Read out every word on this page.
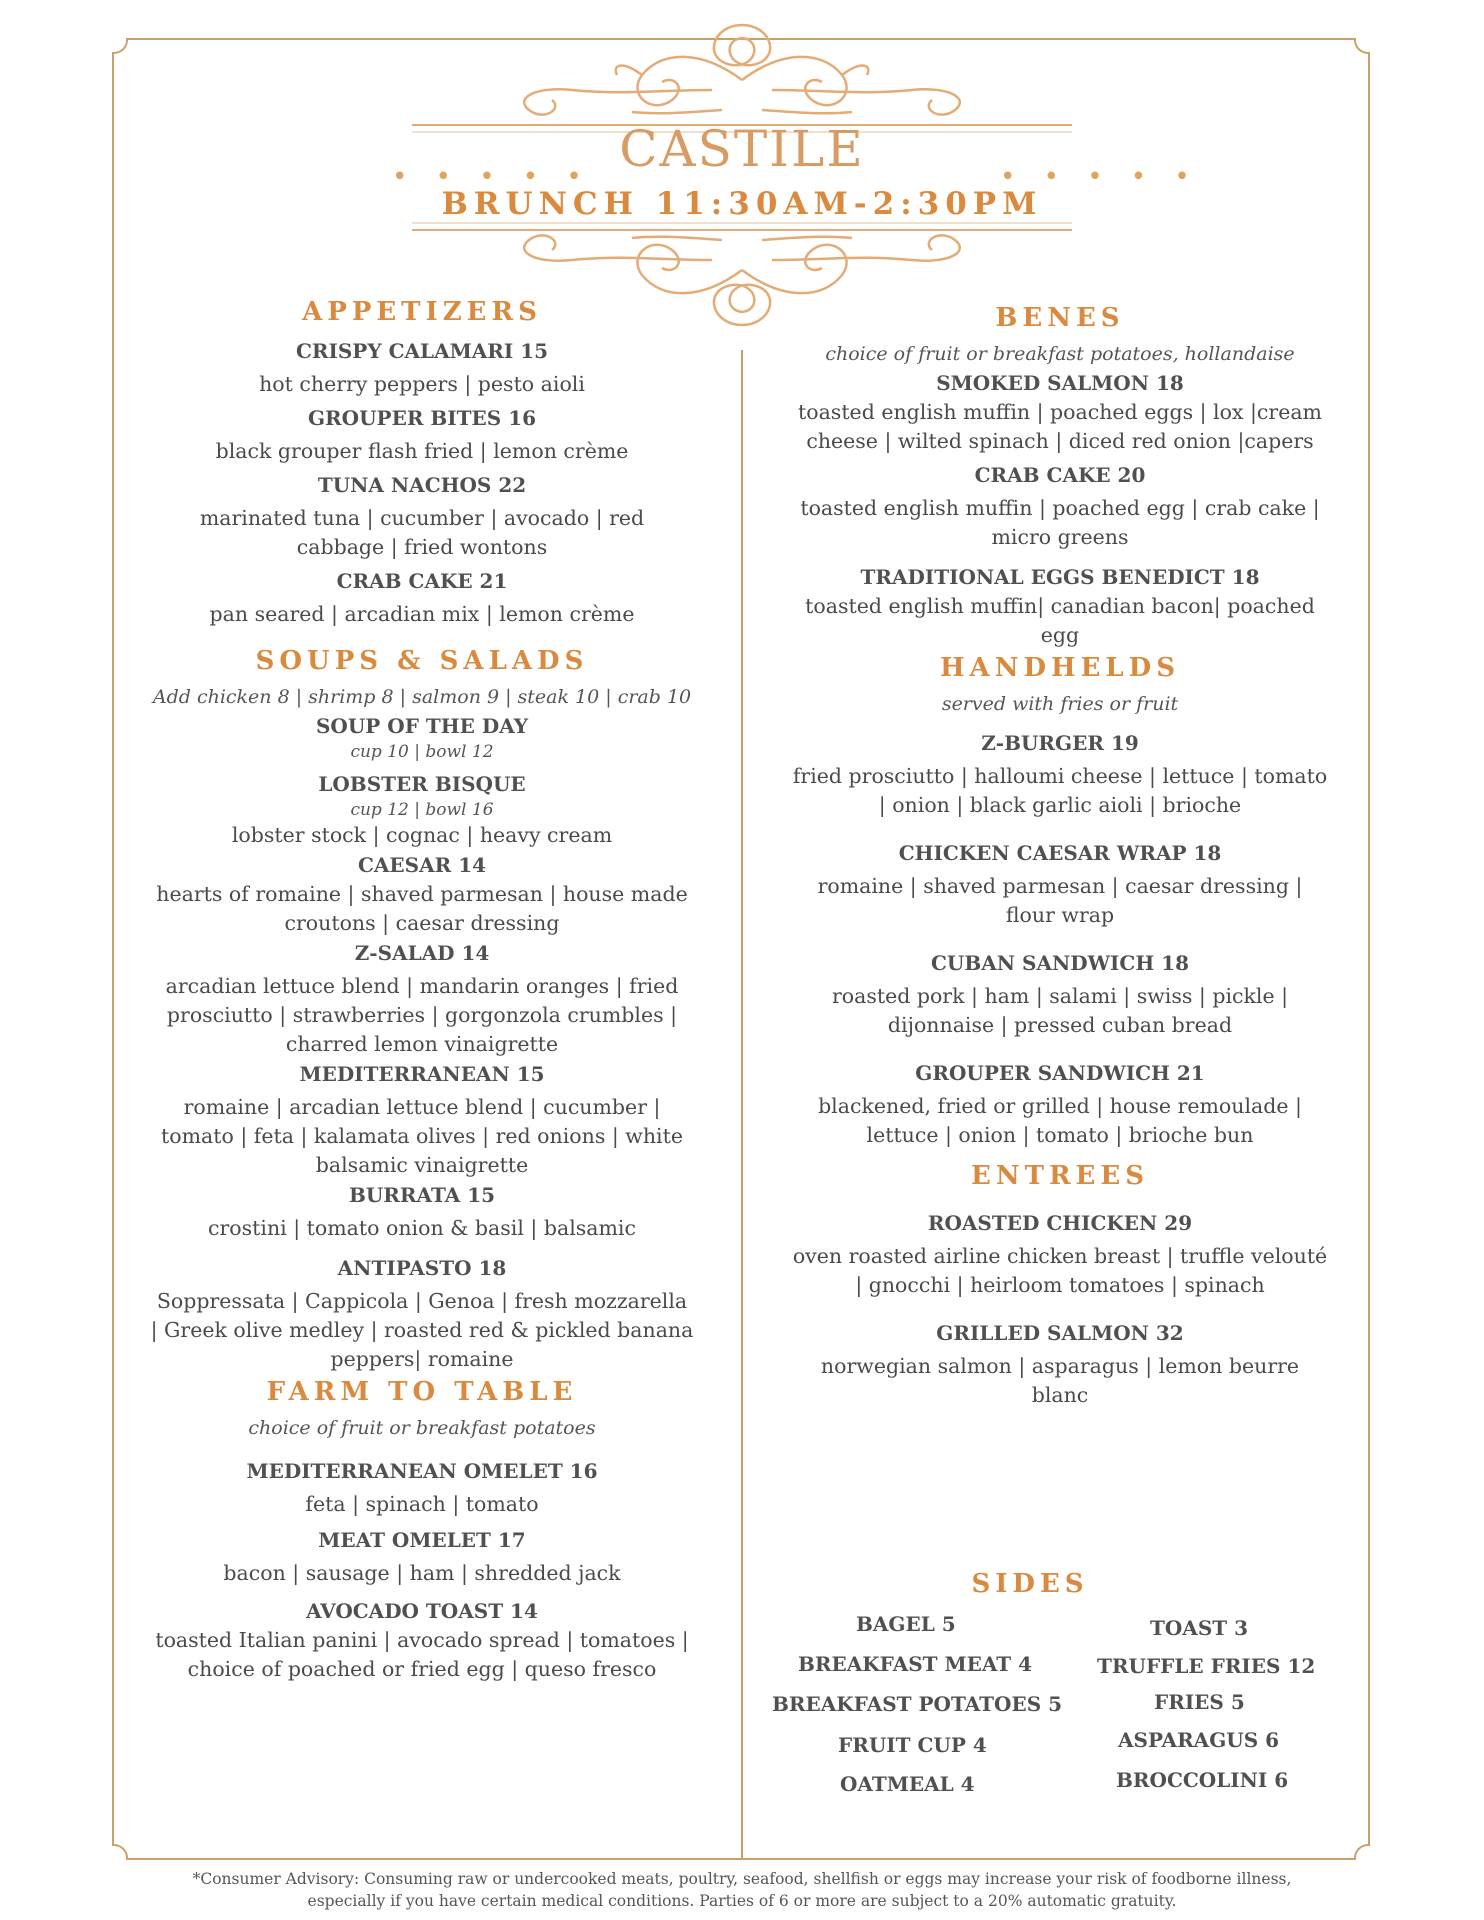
CASTILE
• • • • •	• • • • •
BRUNCH 11:30AM-2:30PM

APPETIZERS

CRISPY CALAMARI 15

hot cherry peppers | pesto aioli

GROUPER BITES 16

black grouper flash fried | lemon crème

TUNA NACHOS 22

marinated tuna | cucumber | avocado | red

cabbage | fried wontons

CRAB CAKE 21

pan seared | arcadian mix | lemon crème

SOUPS & SALADS

Add chicken 8 | shrimp 8 | salmon 9 | steak 10 | crab 10

SOUP OF THE DAY

cup 10 | bowl 12

LOBSTER BISQUE

cup 12 | bowl 16

lobster stock | cognac | heavy cream

CAESAR 14

hearts of romaine | shaved parmesan | house made

croutons | caesar dressing

Z-SALAD 14

arcadian lettuce blend | mandarin oranges | fried

prosciutto | strawberries | gorgonzola crumbles |

charred lemon vinaigrette

MEDITERRANEAN 15

romaine | arcadian lettuce blend | cucumber |

tomato | feta | kalamata olives | red onions | white

balsamic vinaigrette

BURRATA 15

crostini | tomato onion & basil | balsamic

ANTIPASTO 18

Soppressata | Cappicola | Genoa | fresh mozzarella

| Greek olive medley | roasted red & pickled banana

peppers| romaine

FARM TO TABLE

choice of fruit or breakfast potatoes

MEDITERRANEAN OMELET 16

feta | spinach | tomato

MEAT OMELET 17

bacon | sausage | ham | shredded jack

AVOCADO TOAST 14

toasted Italian panini | avocado spread | tomatoes |

choice of poached or fried egg | queso fresco

BENES

choice of fruit or breakfast potatoes, hollandaise

SMOKED SALMON 18

toasted english muffin | poached eggs | lox |cream

cheese | wilted spinach | diced red onion |capers

CRAB CAKE 20

toasted english muffin | poached egg | crab cake |

micro greens

TRADITIONAL EGGS BENEDICT 18

toasted english muffin| canadian bacon| poached

egg

HANDHELDS

served with fries or fruit

Z-BURGER 19

fried prosciutto | halloumi cheese | lettuce | tomato

| onion | black garlic aioli | brioche

CHICKEN CAESAR WRAP 18

romaine | shaved parmesan | caesar dressing |

flour wrap

CUBAN SANDWICH 18

roasted pork | ham | salami | swiss | pickle |

dijonnaise | pressed cuban bread

GROUPER SANDWICH 21

blackened, fried or grilled | house remoulade |

lettuce | onion | tomato | brioche bun

ENTREES

ROASTED CHICKEN 29

oven roasted airline chicken breast | truffle velouté

| gnocchi | heirloom tomatoes | spinach

GRILLED SALMON 32

norwegian salmon | asparagus | lemon beurre

blanc

SIDES

BAGEL 5
BREAKFAST MEAT 4
BREAKFAST POTATOES 5
FRUIT CUP 4
OATMEAL 4
TOAST 3
TRUFFLE FRIES 12
FRIES 5
ASPARAGUS 6
BROCCOLINI 6
*Consumer Advisory: Consuming raw or undercooked meats, poultry, seafood, shellfish or eggs may increase your risk of foodborne illness,
especially if you have certain medical conditions. Parties of 6 or more are subject to a 20% automatic gratuity.
